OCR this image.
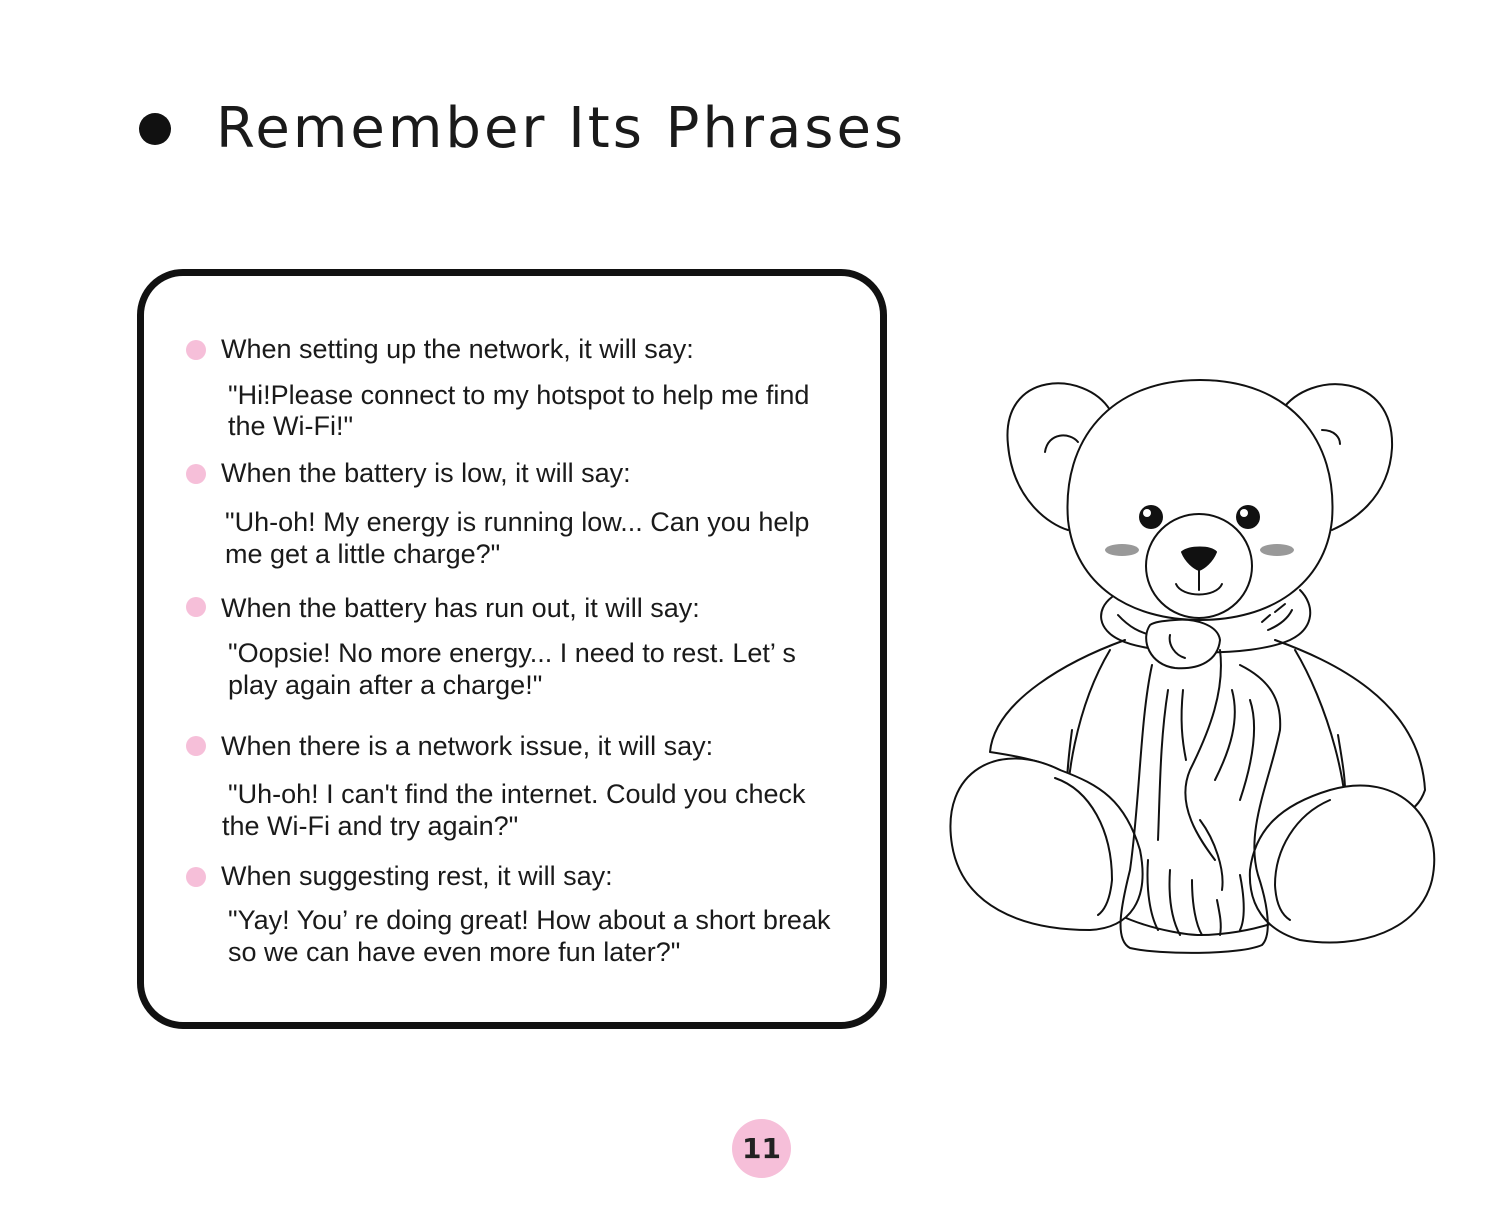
Remember Its Phrases
When setting up the network, it will say:
"Hi!Please connect to my hotspot to help me find
the Wi-Fi!"
When the battery is low, it will say:
"Uh-oh! My energy is running low... Can you help
me get a little charge?"
When the battery has run out, it will say:
"Oopsie! No more energy... I need to rest. Let’ s
play again after a charge!"
When there is a network issue, it will say:
"Uh-oh! I can't find the internet. Could you check
the Wi-Fi and try again?"
When suggesting rest, it will say:
"Yay! You’ re doing great! How about a short break
so we can have even more fun later?"
11
